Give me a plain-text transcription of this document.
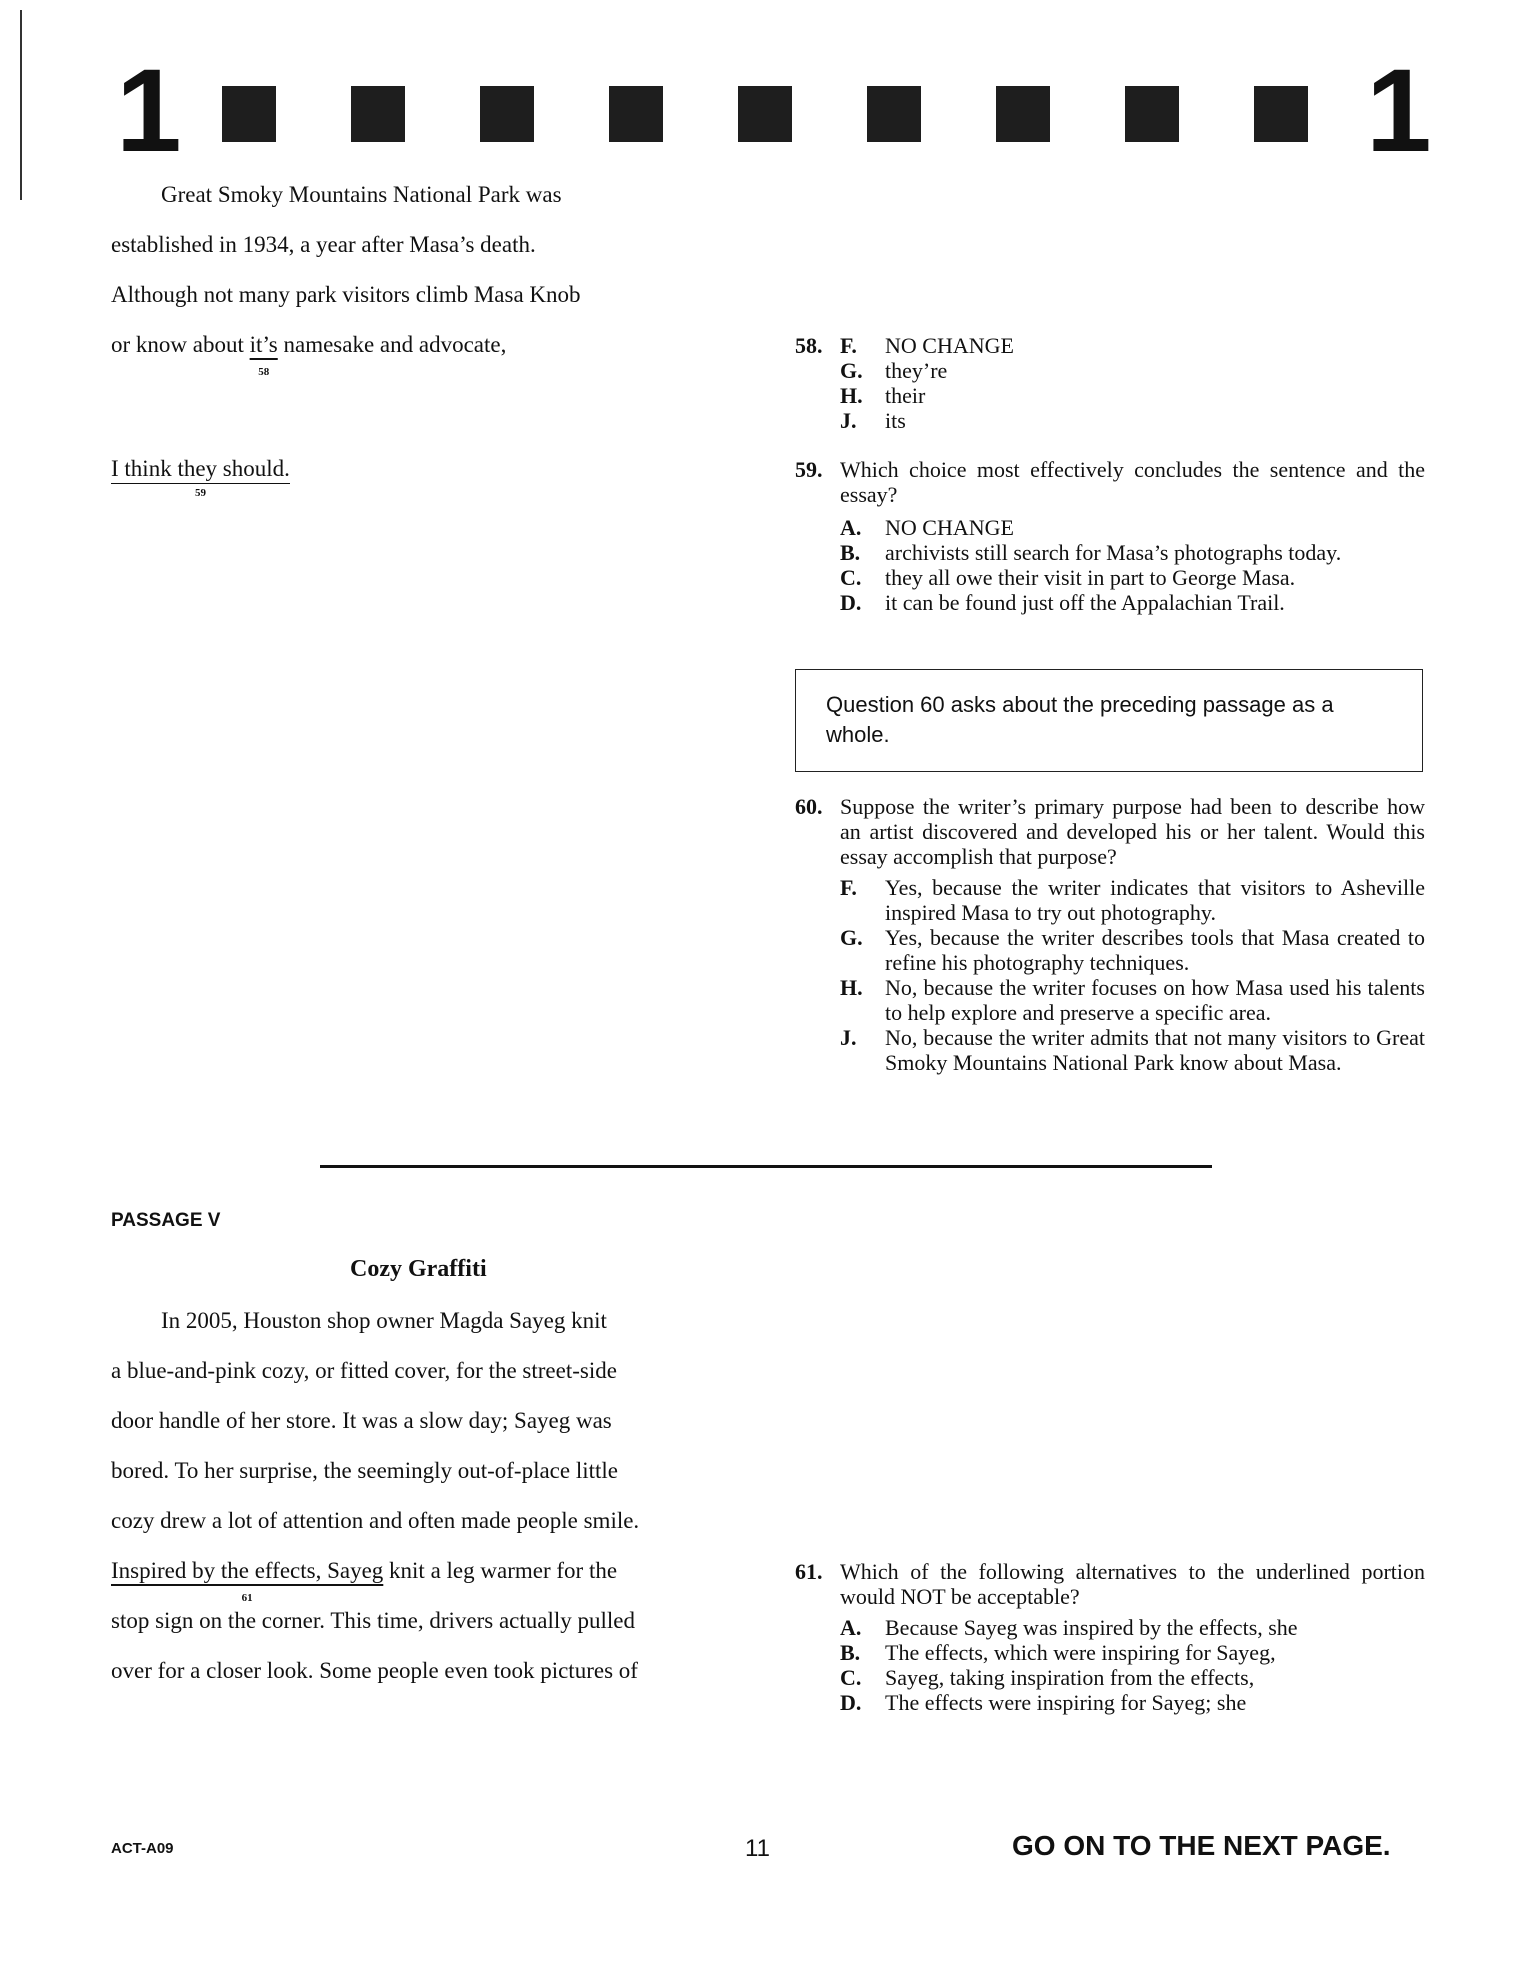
1	1
Great Smoky Mountains National Park was
established in 1934, a year after Masa’s death.
Although not many park visitors climb Masa Knob
or know about it’s
58
namesake and advocate,
I think they should.
59
58. F. NO CHANGE
G. they’re
H. their
J. its
59. Which choice most effectively concludes the sentence and the essay?
A. NO CHANGE
B. archivists still search for Masa’s photographs today.
C. they all owe their visit in part to George Masa.
D. it can be found just off the Appalachian Trail.
Question 60 asks about the preceding passage as a whole.
60. Suppose the writer’s primary purpose had been to describe how an artist discovered and developed his or her talent. Would this essay accomplish that purpose?
F. Yes, because the writer indicates that visitors to Asheville inspired Masa to try out photography.
G. Yes, because the writer describes tools that Masa created to refine his photography techniques.
H. No, because the writer focuses on how Masa used his talents to help explore and preserve a specific area.
J. No, because the writer admits that not many visitors to Great Smoky Mountains National Park know about Masa.
PASSAGE V
Cozy Graffiti
In 2005, Houston shop owner Magda Sayeg knit
a blue-and-pink cozy, or fitted cover, for the street-side
door handle of her store. It was a slow day; Sayeg was
bored. To her surprise, the seemingly out-of-place little
cozy drew a lot of attention and often made people smile.
Inspired by the effects, Sayeg
61
knit a leg warmer for the
stop sign on the corner. This time, drivers actually pulled
over for a closer look. Some people even took pictures of
61. Which of the following alternatives to the underlined portion would NOT be acceptable?
A. Because Sayeg was inspired by the effects, she
B. The effects, which were inspiring for Sayeg,
C. Sayeg, taking inspiration from the effects,
D. The effects were inspiring for Sayeg; she
ACT-A09	11	GO ON TO THE NEXT PAGE.
